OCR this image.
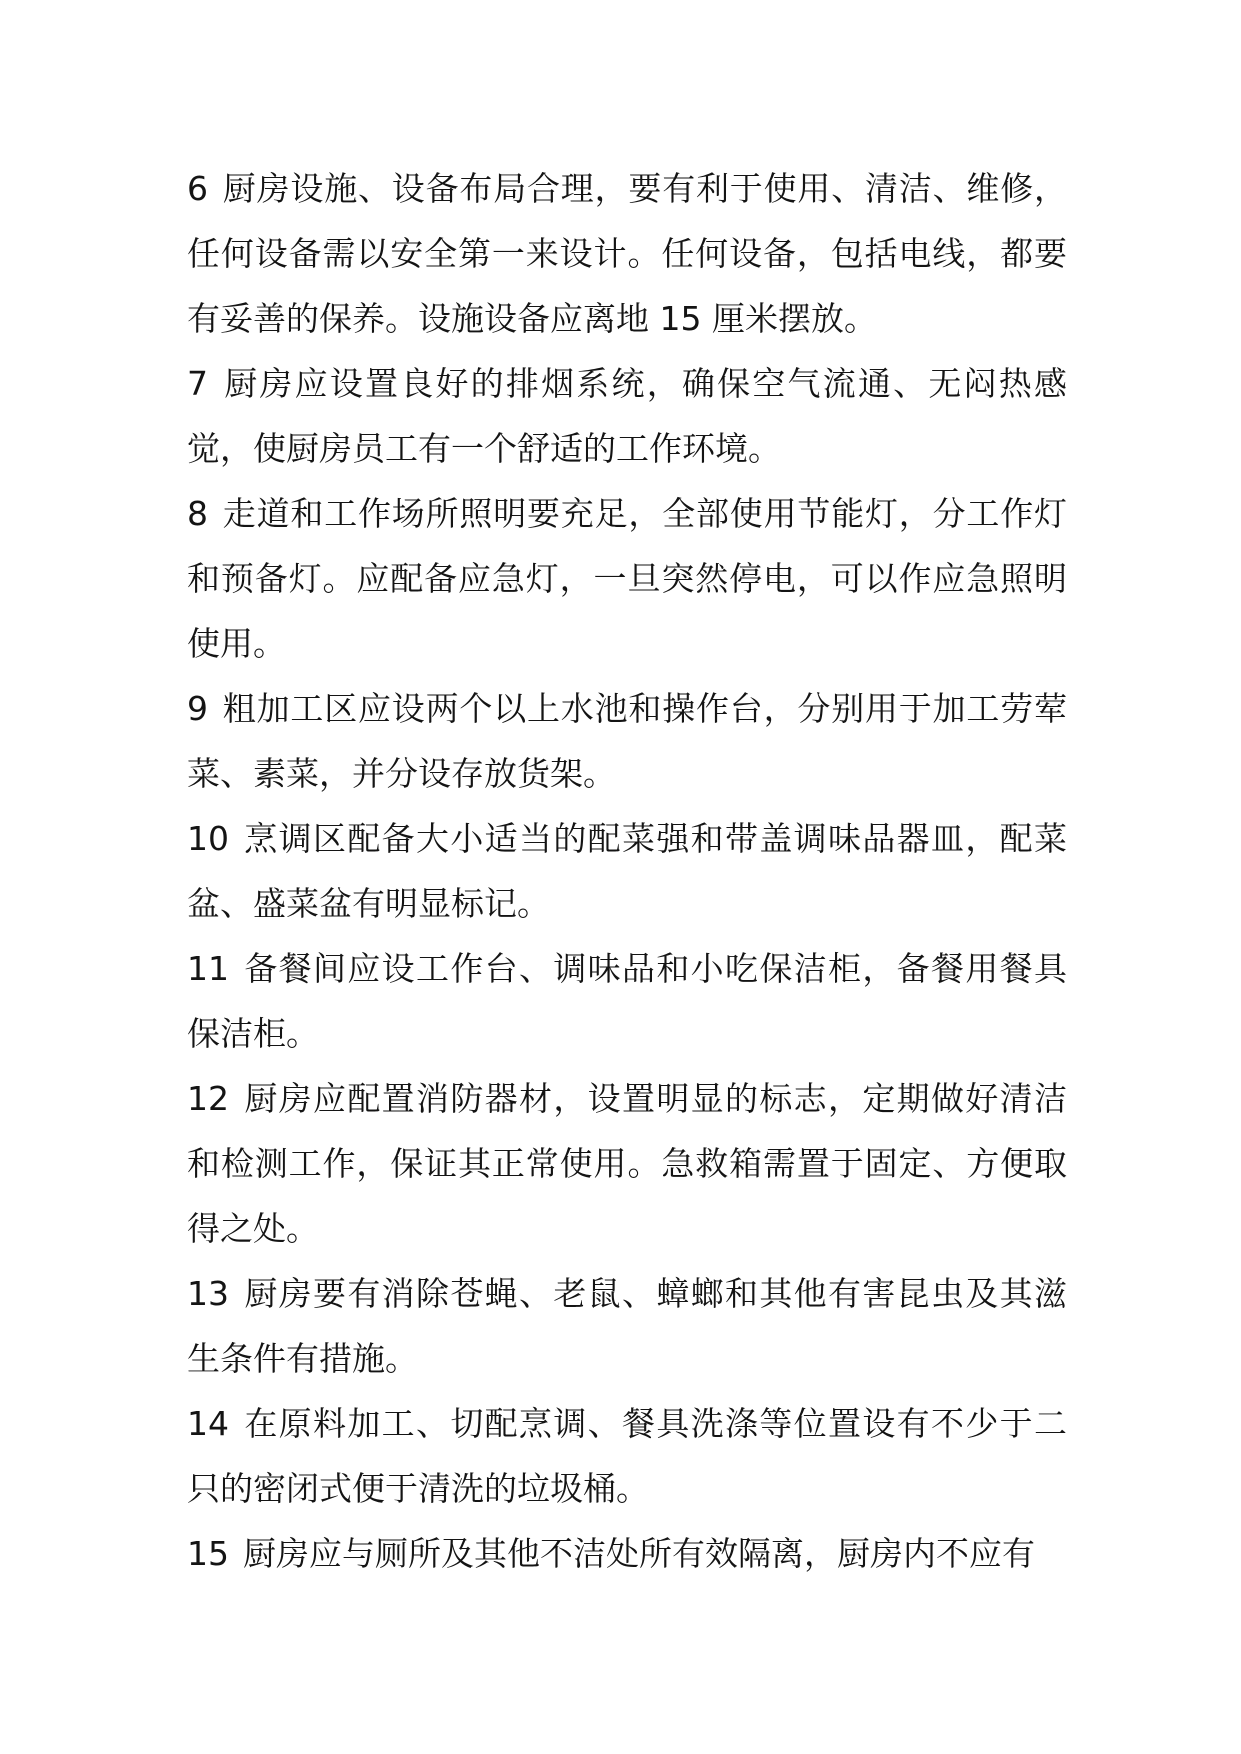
6 厨房设施、设备布局合理，要有利于使用、清洁、维修，任何设备需以安全第一来设计。任何设备，包括电线，都要有妥善的保养。设施设备应离地 15 厘米摆放。

7 厨房应设置良好的排烟系统，确保空气流通、无闷热感觉，使厨房员工有一个舒适的工作环境。

8 走道和工作场所照明要充足，全部使用节能灯，分工作灯和预备灯。应配备应急灯，一旦突然停电，可以作应急照明使用。

9 粗加工区应设两个以上水池和操作台，分别用于加工劳荤菜、素菜，并分设存放货架。

10 烹调区配备大小适当的配菜强和带盖调味品器皿，配菜盆、盛菜盆有明显标记。

11 备餐间应设工作台、调味品和小吃保洁柜，备餐用餐具保洁柜。

12 厨房应配置消防器材，设置明显的标志，定期做好清洁和检测工作，保证其正常使用。急救箱需置于固定、方便取得之处。

13 厨房要有消除苍蝇、老鼠、蟑螂和其他有害昆虫及其滋生条件有措施。

14 在原料加工、切配烹调、餐具洗涤等位置设有不少于二只的密闭式便于清洗的垃圾桶。

15 厨房应与厕所及其他不洁处所有效隔离，厨房内不应有
